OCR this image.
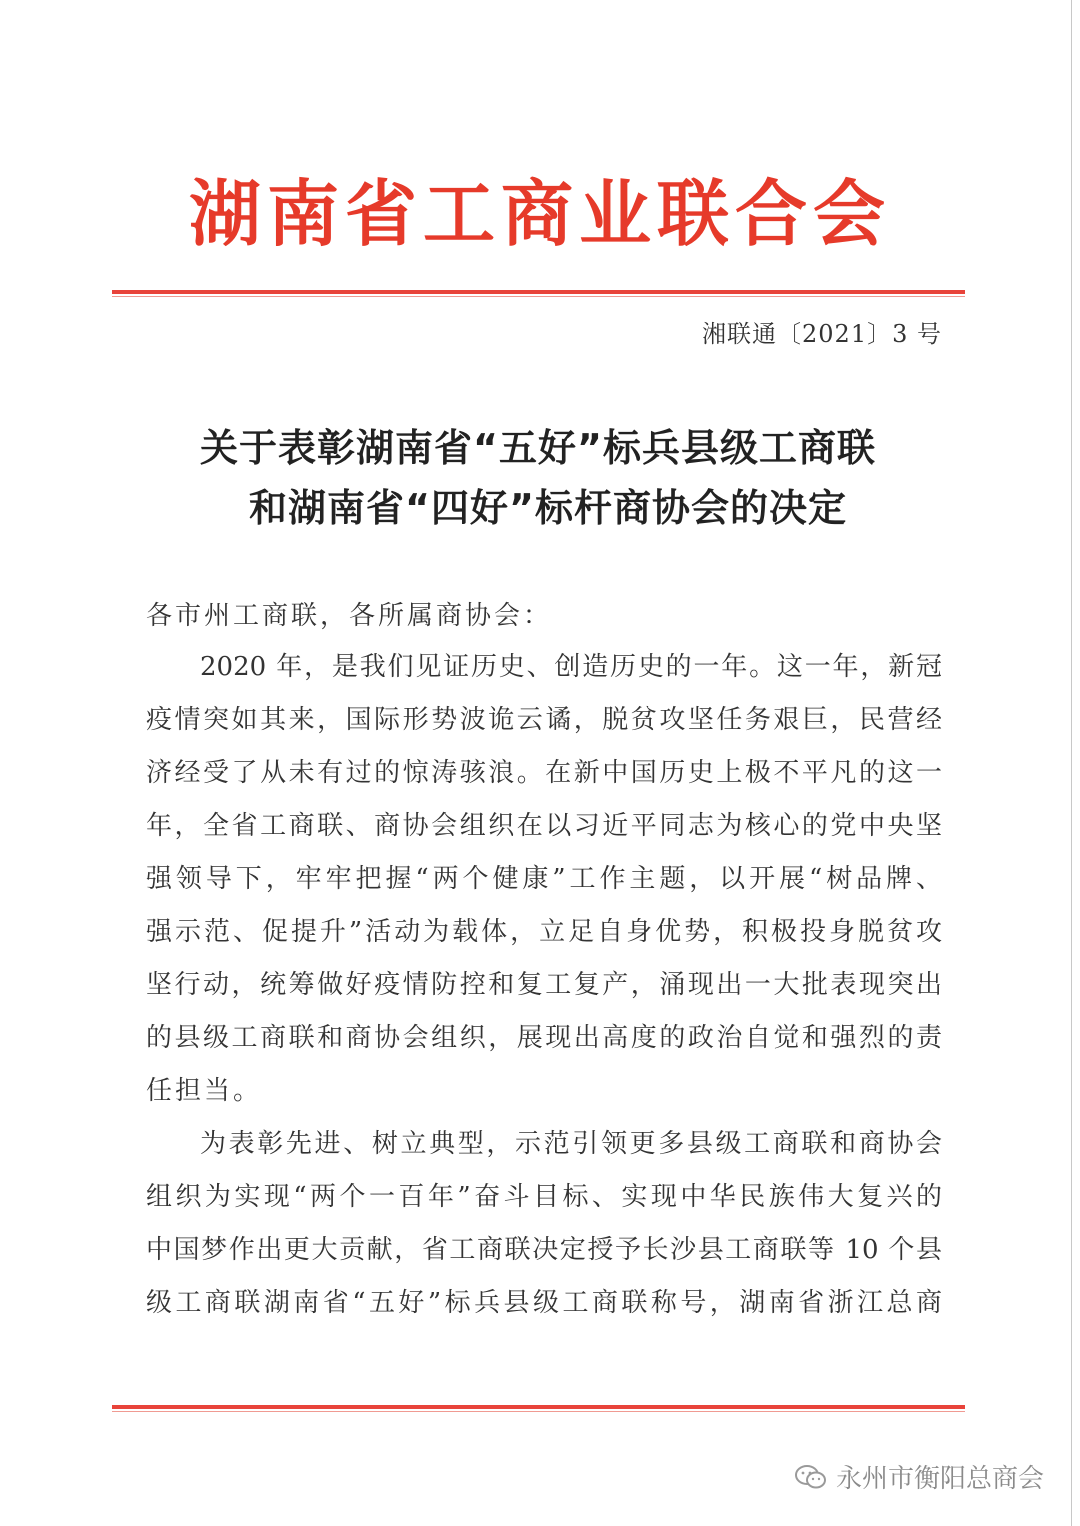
湖南省工商业联合会
湘联通〔2021〕3 号
关于表彰湖南省“五好”标兵县级工商联
和湖南省“四好”标杆商协会的决定
各市州工商联，各所属商协会：
2020 年，是我们见证历史、创造历史的一年。这一年，新冠
疫情突如其来，国际形势波诡云谲，脱贫攻坚任务艰巨，民营经
济经受了从未有过的惊涛骇浪。在新中国历史上极不平凡的这一
年，全省工商联、商协会组织在以习近平同志为核心的党中央坚
强领导下，牢牢把握“两个健康”工作主题，以开展“树品牌、
强示范、促提升”活动为载体，立足自身优势，积极投身脱贫攻
坚行动，统筹做好疫情防控和复工复产，涌现出一大批表现突出
的县级工商联和商协会组织，展现出高度的政治自觉和强烈的责
任担当。
为表彰先进、树立典型，示范引领更多县级工商联和商协会
组织为实现“两个一百年”奋斗目标、实现中华民族伟大复兴的
中国梦作出更大贡献，省工商联决定授予长沙县工商联等 10 个县
级工商联湖南省“五好”标兵县级工商联称号，湖南省浙江总商
永州市衡阳总商会
